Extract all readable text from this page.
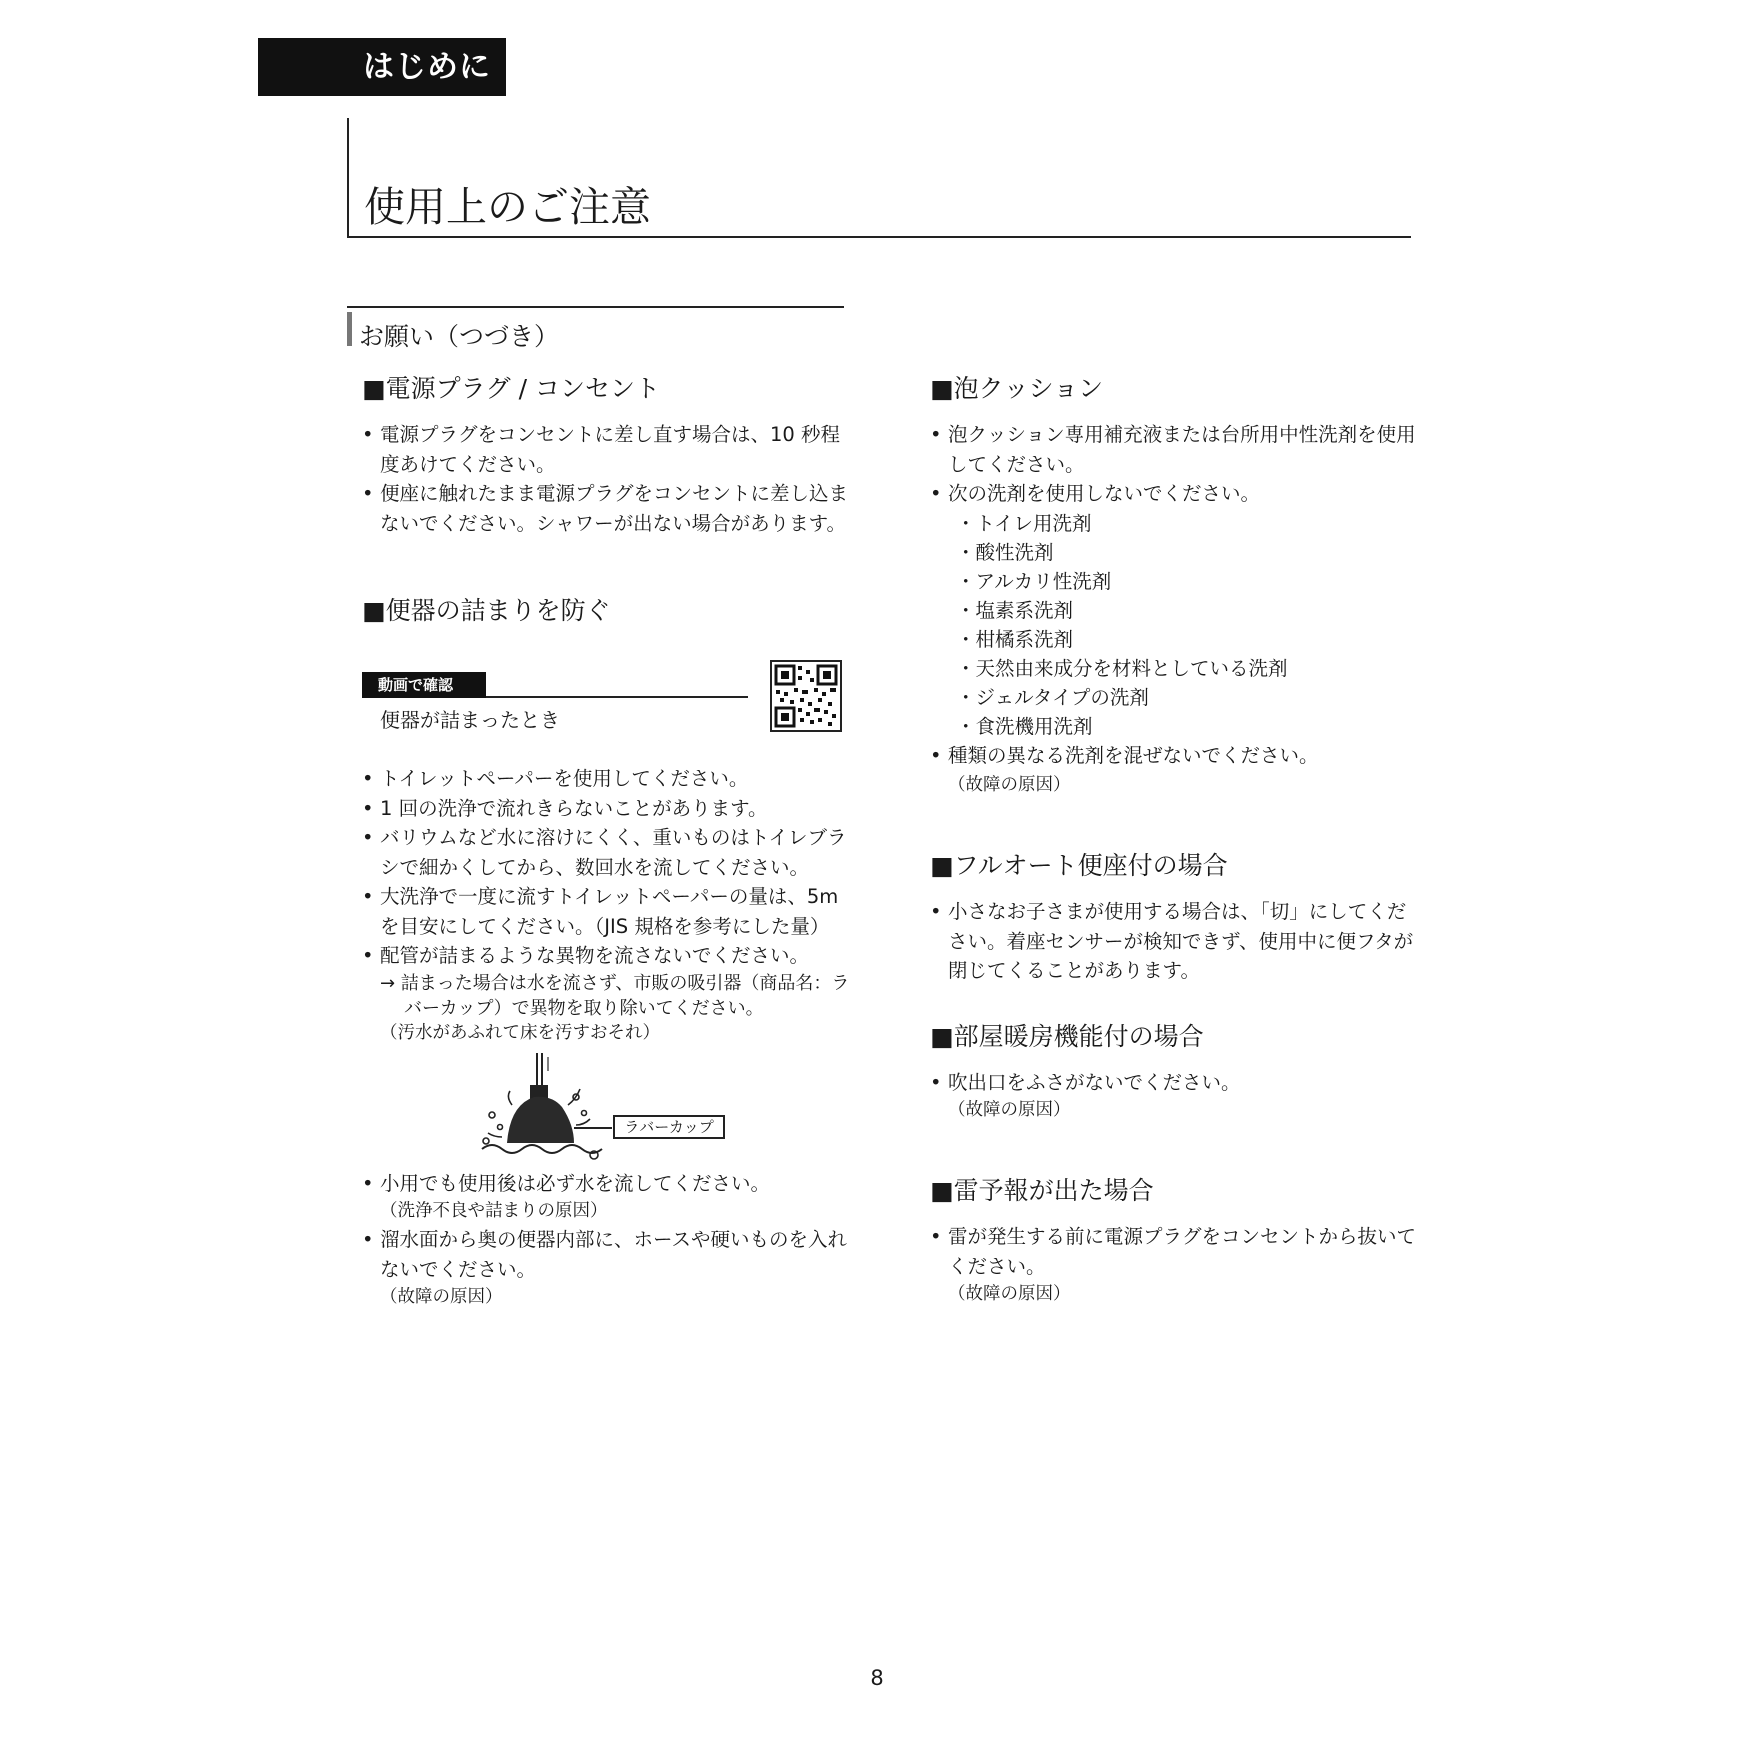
はじめに
使用上のご注意
お願い（つづき）
■電源プラグ / コンセント

• 電源プラグをコンセントに差し直す場合は、10 秒程度あけてください。

• 便座に触れたまま電源プラグをコンセントに差し込まないでください。シャワーが出ない場合があります。

■便器の詰まりを防ぐ
動画で確認
便器が詰まったとき

• トイレットペーパーを使用してください。

• 1 回の洗浄で流れきらないことがあります。

• バリウムなど水に溶けにくく、重いものはトイレブラシで細かくしてから、数回水を流してください。

• 大洗浄で一度に流すトイレットペーパーの量は、5m を目安にしてください。（JIS 規格を参考にした量）

• 配管が詰まるような異物を流さないでください。

→ 詰まった場合は水を流さず、市販の吸引器（商品名：ラバーカップ）で異物を取り除いてください。
（汚水があふれて床を汚すおそれ）
ラバーカップ

• 小用でも使用後は必ず水を流してください。

（洗浄不良や詰まりの原因）

• 溜水面から奥の便器内部に、ホースや硬いものを入れないでください。

（故障の原因）
■泡クッション

• 泡クッション専用補充液または台所用中性洗剤を使用してください。

• 次の洗剤を使用しないでください。

・トイレ用洗剤
・酸性洗剤
・アルカリ性洗剤
・塩素系洗剤
・柑橘系洗剤
・天然由来成分を材料としている洗剤
・ジェルタイプの洗剤
・食洗機用洗剤

• 種類の異なる洗剤を混ぜないでください。

（故障の原因）
■フルオート便座付の場合

• 小さなお子さまが使用する場合は、「切」にしてください。着座センサーが検知できず、使用中に便フタが閉じてくることがあります。

■部屋暖房機能付の場合

• 吹出口をふさがないでください。

（故障の原因）
■雷予報が出た場合

• 雷が発生する前に電源プラグをコンセントから抜いてください。

（故障の原因）
8
